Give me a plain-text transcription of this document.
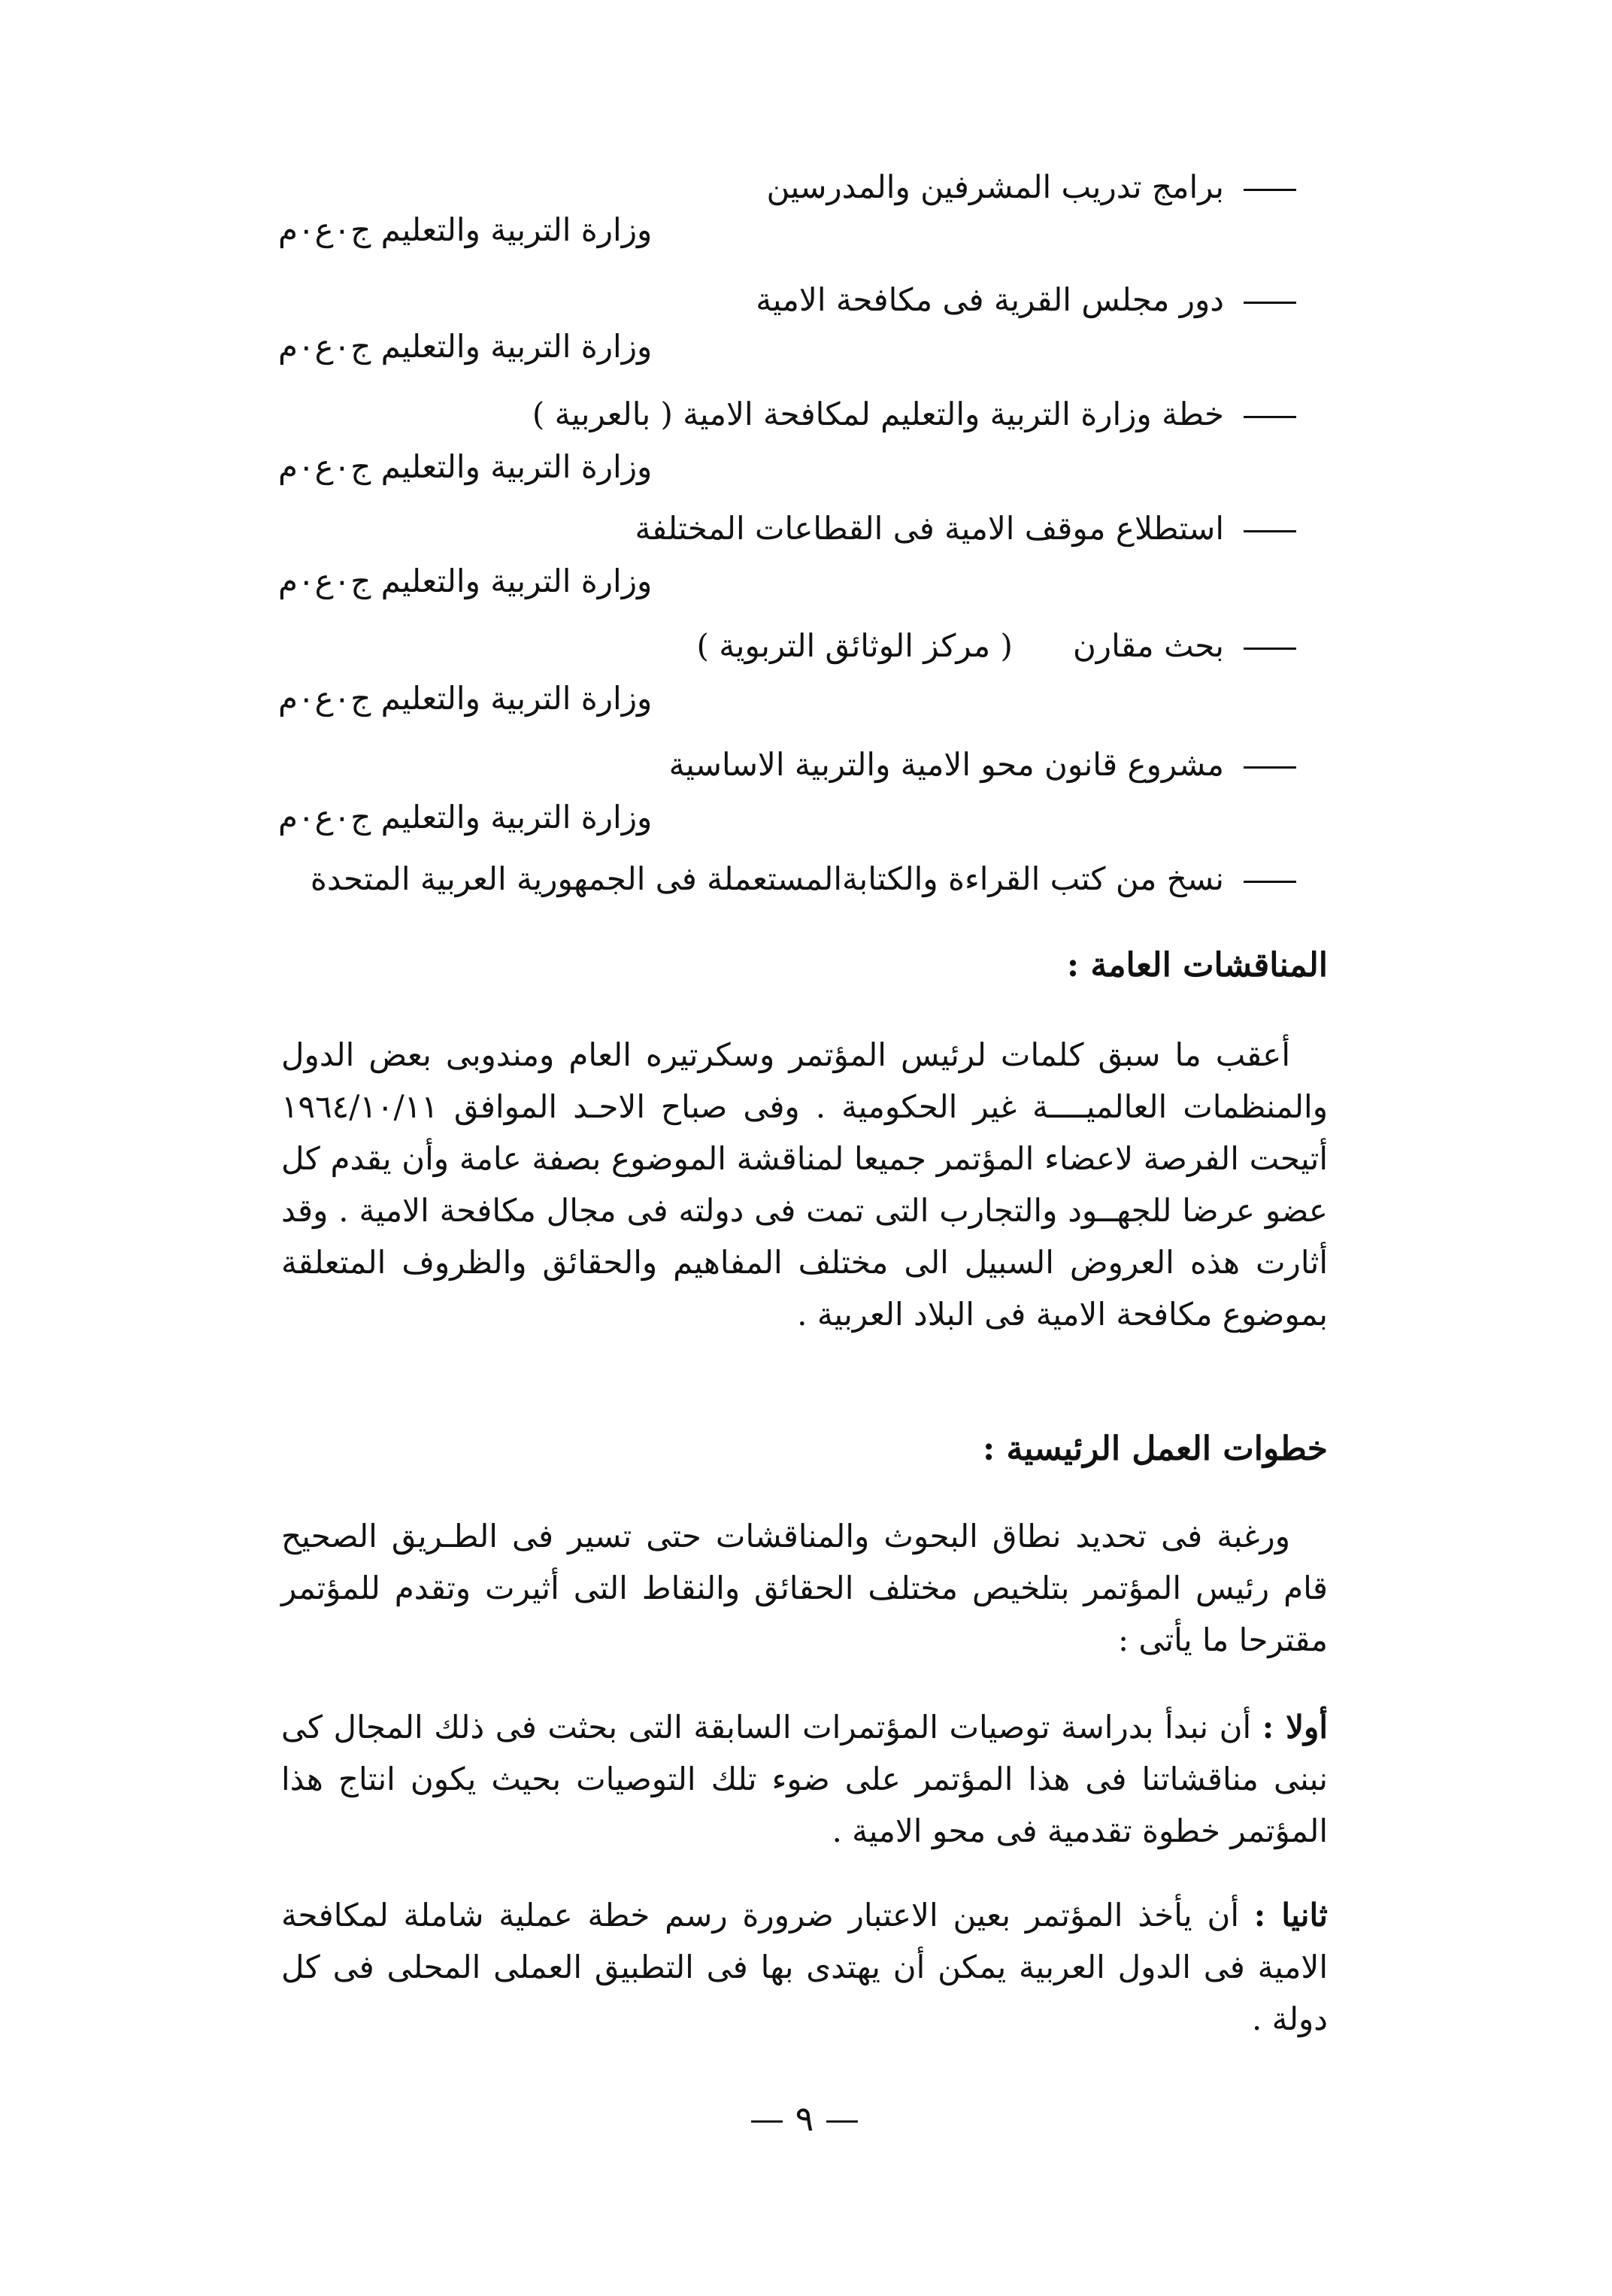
برامج تدريب المشرفين والمدرسين
وزارة التربية والتعليم ج٠ع٠م
دور مجلس القرية فى مكافحة الامية
وزارة التربية والتعليم ج٠ع٠م
خطة وزارة التربية والتعليم لمكافحة الامية ( بالعربية )
وزارة التربية والتعليم ج٠ع٠م
استطلاع موقف الامية فى القطاعات المختلفة
وزارة التربية والتعليم ج٠ع٠م
بحث مقارن      ( مركز الوثائق التربوية )
وزارة التربية والتعليم ج٠ع٠م
مشروع قانون محو الامية والتربية الاساسية
وزارة التربية والتعليم ج٠ع٠م
نسخ من كتب القراءة والكتابةالمستعملة فى الجمهورية العربية المتحدة
المناقشات العامة :
أعقب ما سبق كلمات لرئيس المؤتمر وسكرتيره العام ومندوبى بعض الدول والمنظمات العالميــــة غير الحكومية . وفى صباح الاحـد الموافق ١٩٦٤/١٠/١١ أتيحت الفرصة لاعضاء المؤتمر جميعا لمناقشة الموضوع بصفة عامة وأن يقدم كل عضو عرضا للجهــود والتجارب التى تمت فى دولته فى مجال مكافحة الامية . وقد أثارت هذه العروض السبيل الى مختلف المفاهيم والحقائق والظروف المتعلقة بموضوع مكافحة الامية فى البلاد العربية .
خطوات العمل الرئيسية :
ورغبة فى تحديد نطاق البحوث والمناقشات حتى تسير فى الطـريق الصحيح قام رئيس المؤتمر بتلخيص مختلف الحقائق والنقاط التى أثيرت وتقدم للمؤتمر مقترحا ما يأتى :
أولا : أن نبدأ بدراسة توصيات المؤتمرات السابقة التى بحثت فى ذلك المجال كى نبنى مناقشاتنا فى هذا المؤتمر على ضوء تلك التوصيات بحيث يكون انتاج هذا المؤتمر خطوة تقدمية فى محو الامية .
ثانيا : أن يأخذ المؤتمر بعين الاعتبار ضرورة رسم خطة عملية شاملة لمكافحة الامية فى الدول العربية يمكن أن يهتدى بها فى التطبيق العملى المحلى فى كل دولة .
— ٩ —
